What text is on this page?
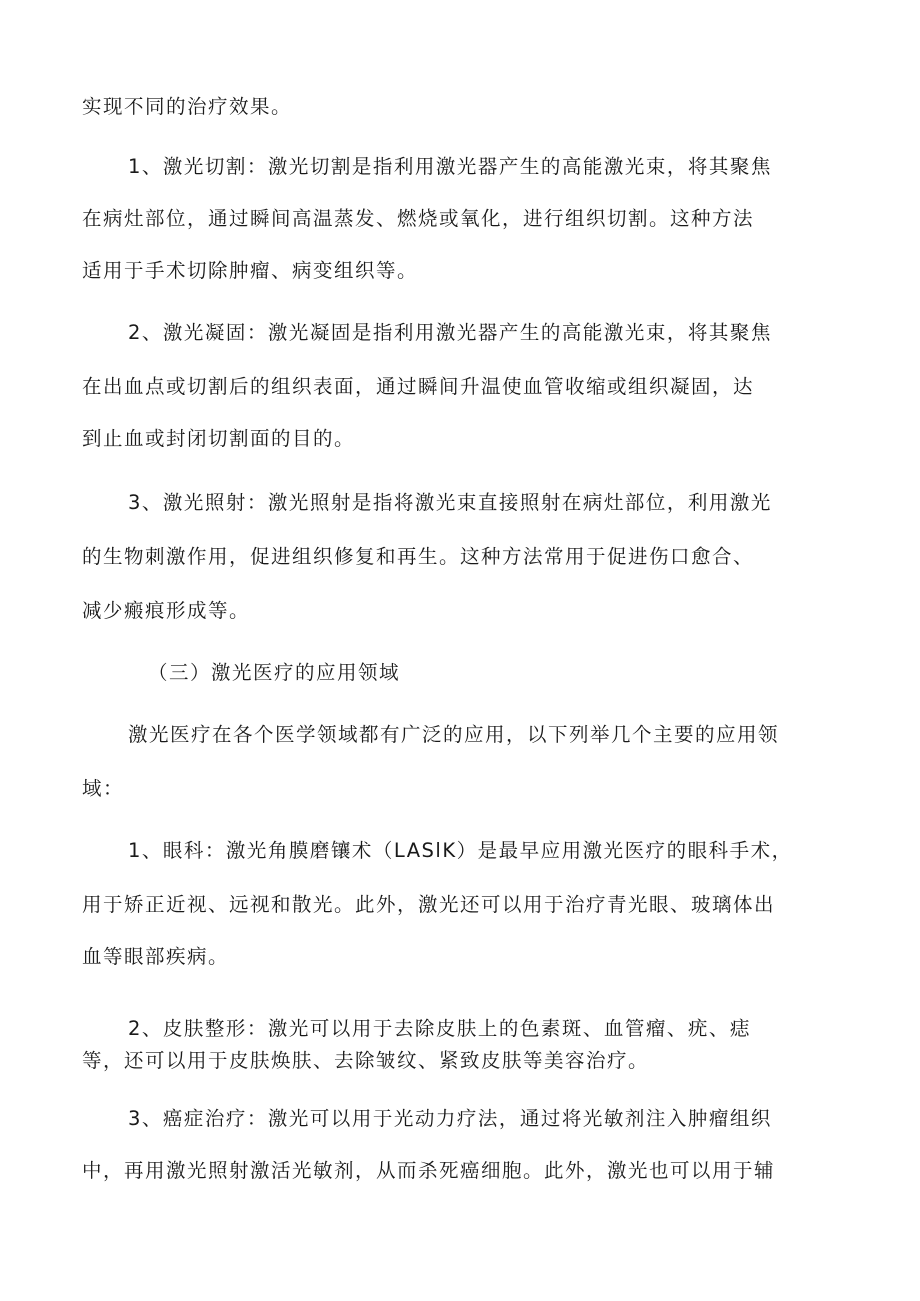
实现不同的治疗效果。
1、激光切割：激光切割是指利用激光器产生的高能激光束，将其聚焦
在病灶部位，通过瞬间高温蒸发、燃烧或氧化，进行组织切割。这种方法
适用于手术切除肿瘤、病变组织等。
2、激光凝固：激光凝固是指利用激光器产生的高能激光束，将其聚焦
在出血点或切割后的组织表面，通过瞬间升温使血管收缩或组织凝固，达
到止血或封闭切割面的目的。
3、激光照射：激光照射是指将激光束直接照射在病灶部位，利用激光
的生物刺激作用，促进组织修复和再生。这种方法常用于促进伤口愈合、
减少瘢痕形成等。
（三）激光医疗的应用领域
激光医疗在各个医学领域都有广泛的应用，以下列举几个主要的应用领
域：
1、眼科：激光角膜磨镶术（LASlK）是最早应用激光医疗的眼科手术，
用于矫正近视、远视和散光。此外，激光还可以用于治疗青光眼、玻璃体出
血等眼部疾病。
2、皮肤整形：激光可以用于去除皮肤上的色素斑、血管瘤、疣、痣
等，还可以用于皮肤焕肤、去除皱纹、紧致皮肤等美容治疗。
3、癌症治疗：激光可以用于光动力疗法，通过将光敏剂注入肿瘤组织
中，再用激光照射激活光敏剂，从而杀死癌细胞。此外，激光也可以用于辅
